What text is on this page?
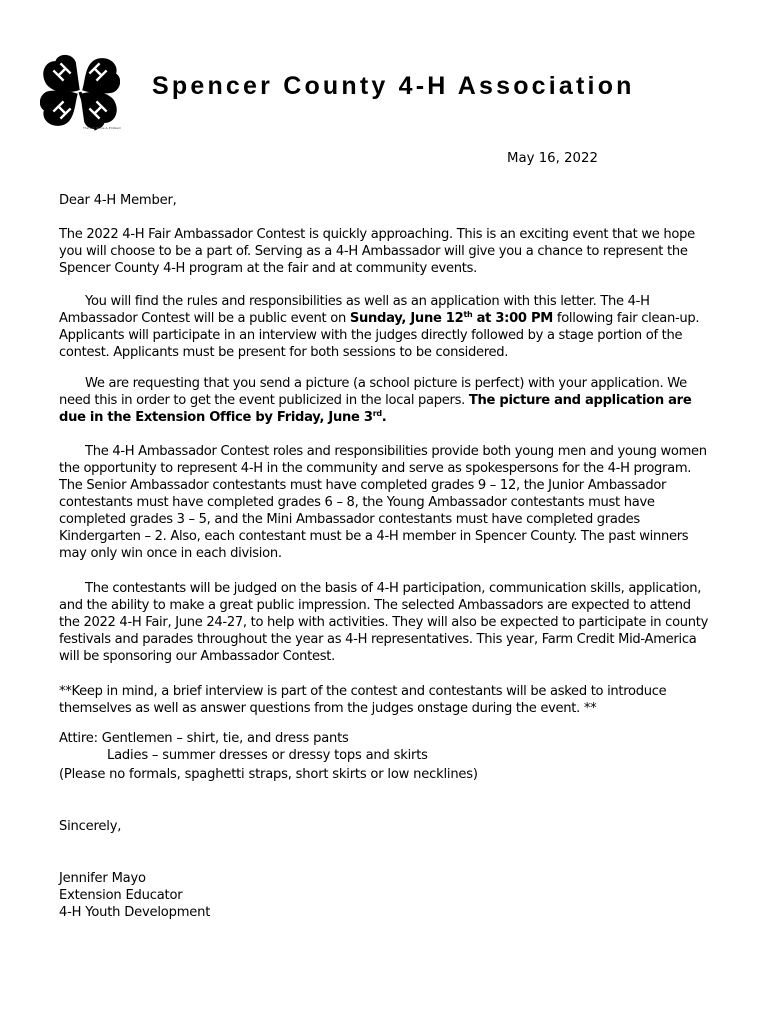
The 4-H Name & Emblem
Spencer County 4-H Association
May 16, 2022
Dear 4-H Member,
The 2022 4-H Fair Ambassador Contest is quickly approaching. This is an exciting event that we hope you will choose to be a part of. Serving as a 4-H Ambassador will give you a chance to represent the Spencer County 4-H program at the fair and at community events.
You will find the rules and responsibilities as well as an application with this letter. The 4-H Ambassador Contest will be a public event on Sunday, June 12th at 3:00 PM following fair clean-up. Applicants will participate in an interview with the judges directly followed by a stage portion of the contest. Applicants must be present for both sessions to be considered.
We are requesting that you send a picture (a school picture is perfect) with your application. We need this in order to get the event publicized in the local papers. The picture and application are due in the Extension Office by Friday, June 3rd.
The 4-H Ambassador Contest roles and responsibilities provide both young men and young women the opportunity to represent 4-H in the community and serve as spokespersons for the 4-H program. The Senior Ambassador contestants must have completed grades 9 – 12, the Junior Ambassador contestants must have completed grades 6 – 8, the Young Ambassador contestants must have completed grades 3 – 5, and the Mini Ambassador contestants must have completed grades Kindergarten – 2. Also, each contestant must be a 4-H member in Spencer County. The past winners may only win once in each division.
The contestants will be judged on the basis of 4-H participation, communication skills, application, and the ability to make a great public impression. The selected Ambassadors are expected to attend the 2022 4-H Fair, June 24-27, to help with activities. They will also be expected to participate in county festivals and parades throughout the year as 4-H representatives. This year, Farm Credit Mid-America will be sponsoring our Ambassador Contest.
**Keep in mind, a brief interview is part of the contest and contestants will be asked to introduce themselves as well as answer questions from the judges onstage during the event. **
Attire: Gentlemen – shirt, tie, and dress pants
Ladies – summer dresses or dressy tops and skirts
(Please no formals, spaghetti straps, short skirts or low necklines)
Sincerely,
Jennifer Mayo
Extension Educator
4-H Youth Development
